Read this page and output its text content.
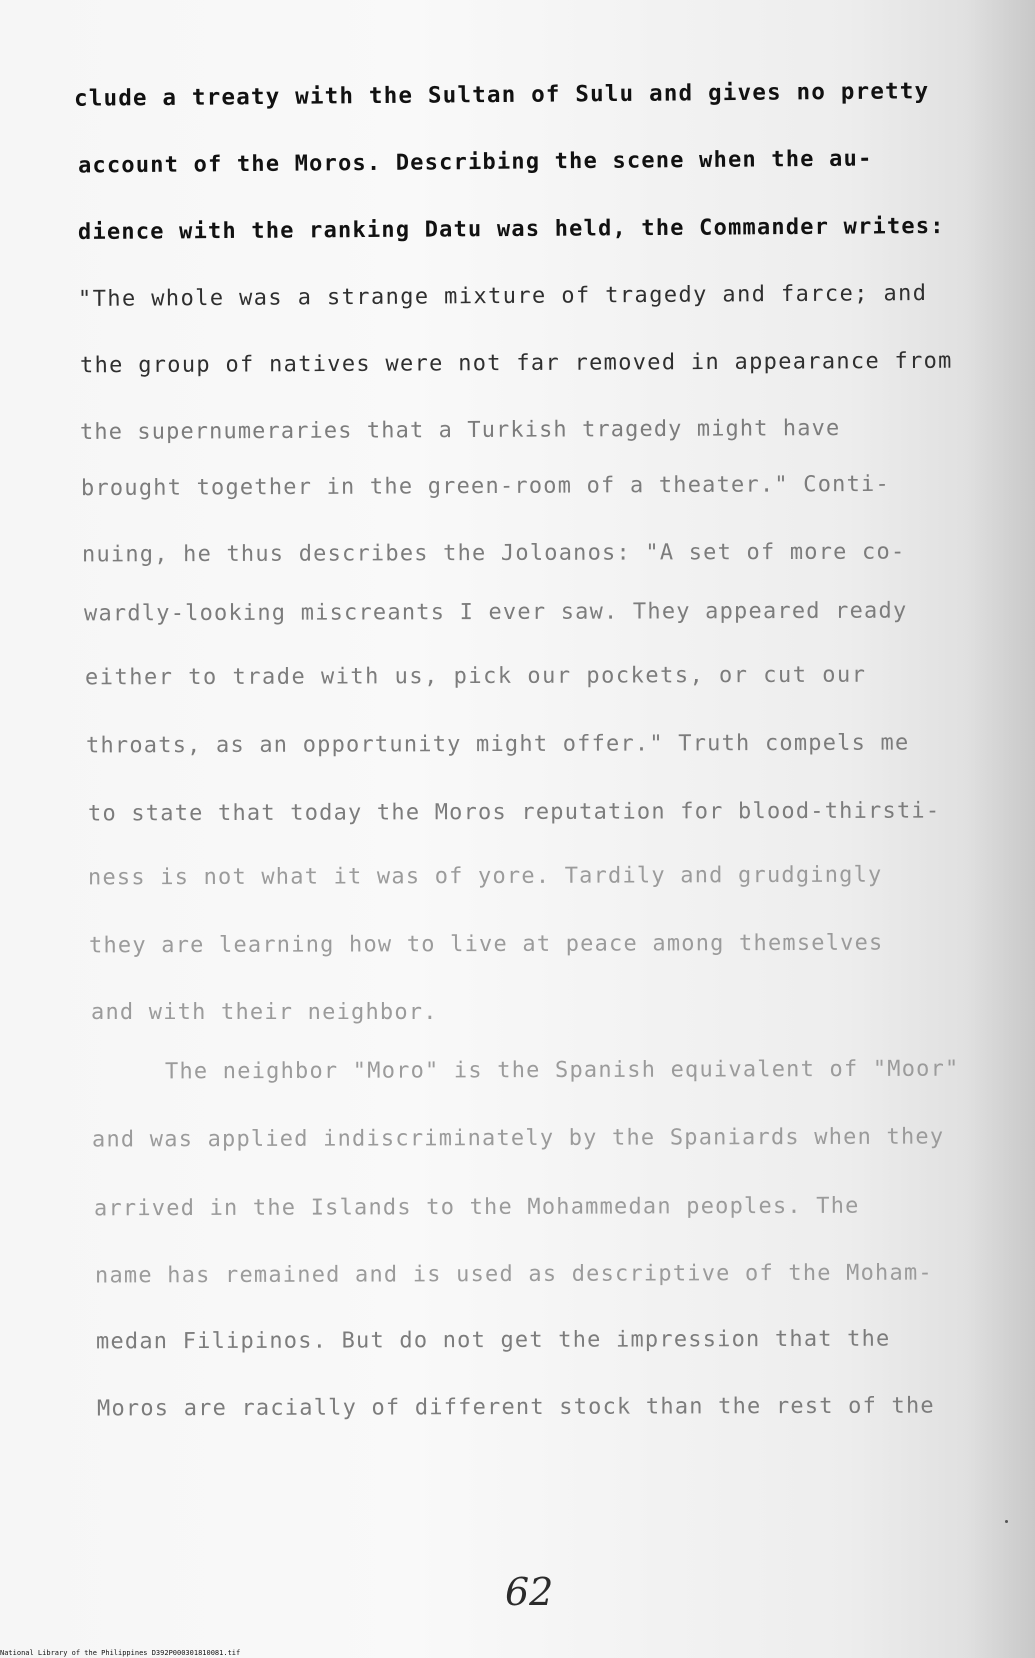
clude a treaty with the Sultan of Sulu and gives no pretty
account of the Moros. Describing the scene when the au-
dience with the ranking Datu was held, the Commander writes:
"The whole was a strange mixture of tragedy and farce; and
the group of natives were not far removed in appearance from
the supernumeraries that a Turkish tragedy might have
brought together in the green-room of a theater." Conti-
nuing, he thus describes the Joloanos: "A set of more co-
wardly-looking miscreants I ever saw. They appeared ready
either to trade with us, pick our pockets, or cut our
throats, as an opportunity might offer." Truth compels me
to state that today the Moros reputation for blood-thirsti-
ness is not what it was of yore. Tardily and grudgingly
they are learning how to live at peace among themselves
and with their neighbor.
The neighbor "Moro" is the Spanish equivalent of "Moor"
and was applied indiscriminately by the Spaniards when they
arrived in the Islands to the Mohammedan peoples. The
name has remained and is used as descriptive of the Moham-
medan Filipinos. But do not get the impression that the
Moros are racially of different stock than the rest of the
62
National Library of the Philippines D392P000301810081.tif
